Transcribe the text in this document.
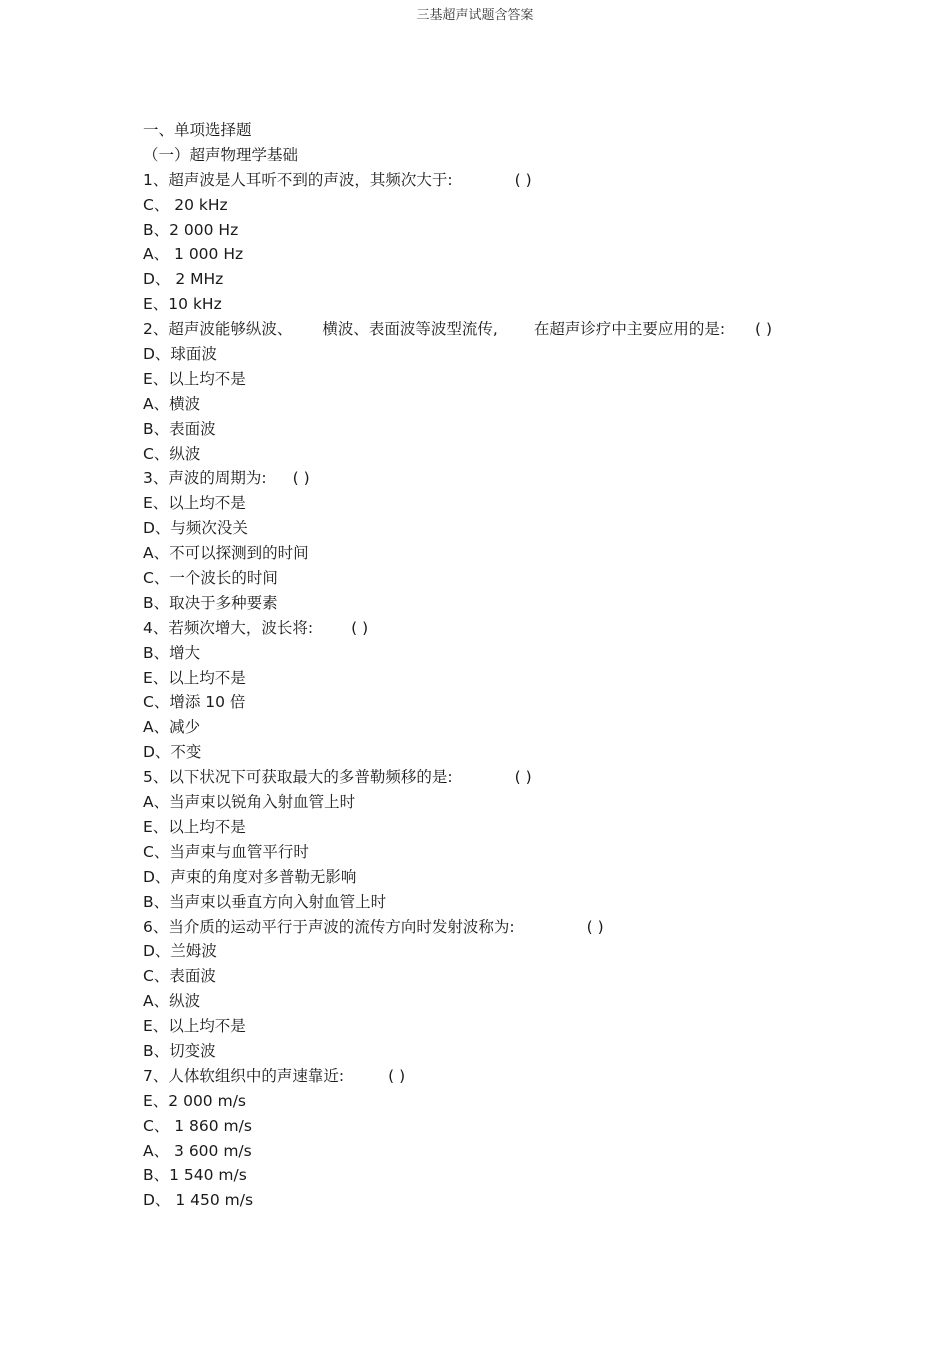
三基超声试题含答案
一、单项选择题
（一）超声物理学基础
1、超声波是人耳听不到的声波，其频次大于:	( )
C、 20 kHz
B、2 000 Hz
A、 1 000 Hz
D、 2 MHz
E、10 kHz
2、超声波能够纵波、 横波、表面波等波型流传, 在超声诊疗中主要应用的是: ( )
D、球面波
E、以上均不是
A、横波
B、表面波
C、纵波
3、声波的周期为: ( )
E、以上均不是
D、与频次没关
A、不可以探测到的时间
C、一个波长的时间
B、取决于多种要素
4、若频次增大，波长将: ( )
B、增大
E、以上均不是
C、增添 10 倍
A、减少
D、不变
5、以下状况下可获取最大的多普勒频移的是:	( )
A、当声束以锐角入射血管上时
E、以上均不是
C、当声束与血管平行时
D、声束的角度对多普勒无影响
B、当声束以垂直方向入射血管上时
6、当介质的运动平行于声波的流传方向时发射波称为:	( )
D、兰姆波
C、表面波
A、纵波
E、以上均不是
B、切变波
7、人体软组织中的声速靠近:	( )
E、2 000 m/s
C、 1 860 m/s
A、 3 600 m/s
B、1 540 m/s
D、 1 450 m/s
